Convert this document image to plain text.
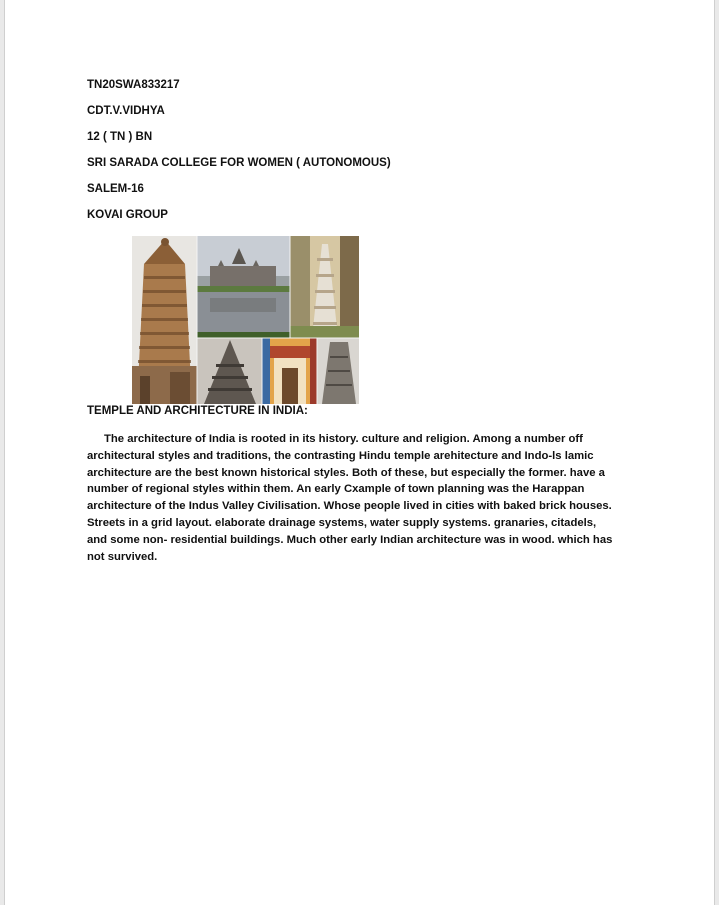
TN20SWA833217
CDT.V.VIDHYA
12 ( TN ) BN
SRI SARADA COLLEGE FOR WOMEN ( AUTONOMOUS)
SALEM-16
KOVAI GROUP
TEMPLE AND ARCHITECTURE IN INDIA:

The architecture of India is rooted in its history. culture and religion. Among a number off architectural styles and traditions, the contrasting Hindu temple arehitecture and Indo-ls lamic architecture are the best known historical styles. Both of these, but especially the former. have a number of regional styles within them. An early Cxample of town planning was the Harappan architecture of the Indus Valley Civilisation. Whose people lived in cities with baked brick houses. Streets in a grid layout. elaborate drainage systems, water supply systems. granaries, citadels, and some non- residential buildings. Much other early Indian architecture was in wood. which has not survived.
